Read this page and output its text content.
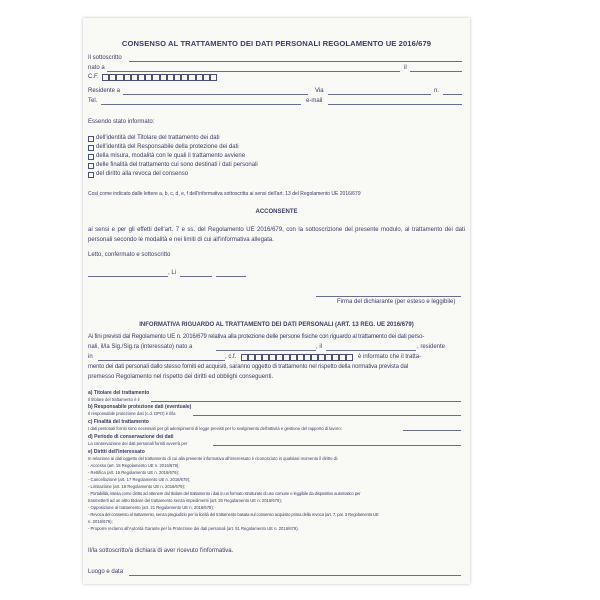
CONSENSO AL TRATTAMENTO DEI DATI PERSONALI REGOLAMENTO UE 2016/679
Il sottoscritto
nato a	il
C.F.
Residente a	Via	n.
Tel.	e-mail
Essendo stato informato:
dell'identità del Titolare del trattamento dei dati
dell'identità del Responsabile della protezione dei dati
della misura, modalità con le quali il trattamento avviene
delle finalità del trattamento cui sono destinati i dati personali
del diritto alla revoca del consenso
Così come indicato dalle lettere a, b, c, d, e, f dell'informativa sottoscritta ai sensi dell'art. 13 del Regolamento UE 2016/679
ACCONSENTE
ai sensi e per gli effetti dell'art. 7 e ss. del Regolamento UE 2016/679, con la sottoscrizione del presente modulo, al trattamento dei dati personali secondo le modalità e nei limiti di cui all'informativa allegata.
Letto, confermato e sottoscritto
, Li
Firma del dichiarante (per esteso e leggibile)
INFORMATIVA RIGUARDO AL TRATTAMENTO DEI DATI PERSONALI (ART. 13 REG. UE 2016/679)
Ai fini previsti dal Regolamento UE n. 2016/679 relativa alla protezione delle persone fisiche con riguardo al trattamento dei dati perso-
nali, il/la Sig./Sig.ra (interessato) nato a	, il	, residente
in	, c.f.	è informato che il tratta-
mento dei dati personali dallo stesso forniti ed acquisiti, saranno oggetto di trattamento nel rispetto della normativa prevista dal
premesso Regolamento nel rispetto dei diritti ed obblighi conseguenti.
a) Titolare del trattamento
Il titolare del trattamento è il
b) Responsabile protezione dati (eventuale)
Il responsabile protezione dati (c.d. DPO) è il/la
c) Finalità del trattamento
I dati personali forniti sono necessari per gli adempimenti di legge previsti per lo svolgimento dell'attività e gestione del rapporto di lavoro:
d) Periodo di conservazione dei dati
La conservazione dei dati personali forniti avverrà per
e) Diritti dell'interessato
In relazione ai dati oggetto del trattamento di cui alla presente informativa all'interessato è riconosciuto in qualsiasi momento il diritto di:
- Accesso (art. 15 Regolamento UE n. 2016/679);
- Rettifica (art. 16 Regolamento UE n. 2016/679);
- Cancellazione (art. 17 Regolamento UE n. 2016/679);
- Limitazione (art. 18 Regolamento UE n. 2016/679);
- Portabilità, intesa come diritto ad ottenere dal titolare del trattamento i dati in un formato strutturato di uso comune e leggibile da dispositivo automatico per
trasmetterli ad un altro titolare del trattamento senza impedimenti (art. 20 Regolamento UE n. 2016/679);
- Opposizione al trattamento (art. 21 Regolamento UE n. 2016/679);
- Revoca del consenso al trattamento, senza pregiudizio per la liceità del trattamento basata sul consenso acquisito prima della revoca (art. 7, par. 3 Regolamento UE
n. 2016/679);
- Proporre reclamo all'Autorità Garante per la Protezione dei dati personali (art. 51 Regolamento UE n. 2016/679).
Il/la sottoscritto/a dichiara di aver ricevuto l'informativa.
Luogo e data
